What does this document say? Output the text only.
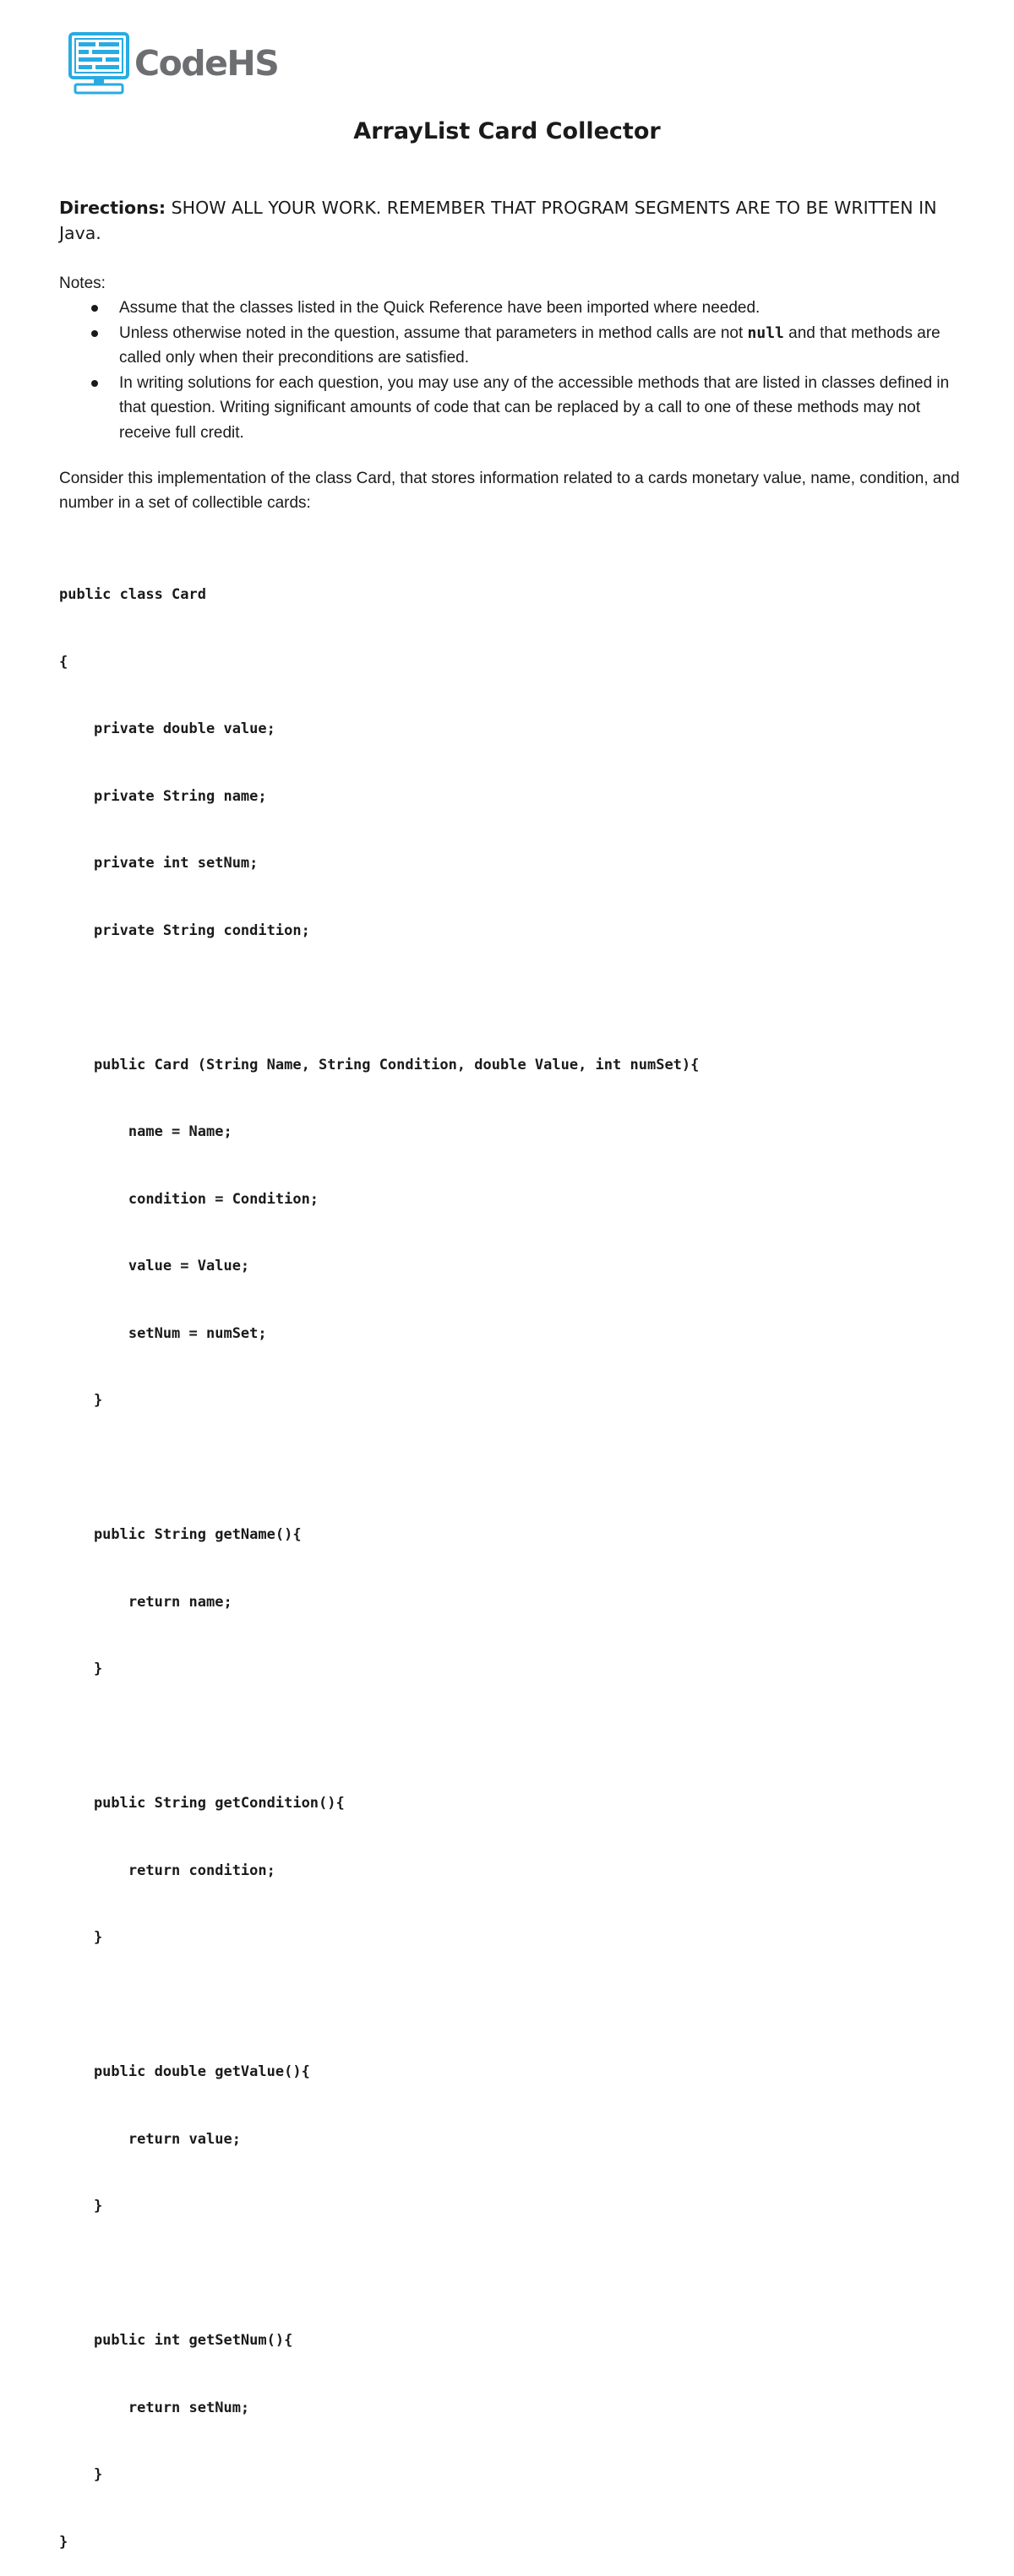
CodeHS
ArrayList Card Collector
Directions: SHOW ALL YOUR WORK. REMEMBER THAT PROGRAM SEGMENTS ARE TO BE WRITTEN IN Java.
Notes:
Assume that the classes listed in the Quick Reference have been imported where needed.
Unless otherwise noted in the question, assume that parameters in method calls are not null and that methods are called only when their preconditions are satisfied.
In writing solutions for each question, you may use any of the accessible methods that are listed in classes defined in that question. Writing significant amounts of code that can be replaced by a call to one of these methods may not receive full credit.
Consider this implementation of the class Card, that stores information related to a cards monetary value, name, condition, and number in a set of collectible cards:

public class Card

{

private double value;

private String name;

private int setNum;

private String condition;

public Card (String Name, String Condition, double Value, int numSet){

name = Name;

condition = Condition;

value = Value;

setNum = numSet;

}

public String getName(){

return name;

}

public String getCondition(){

return condition;

}

public double getValue(){

return value;

}

public int getSetNum(){

return setNum;

}

}
